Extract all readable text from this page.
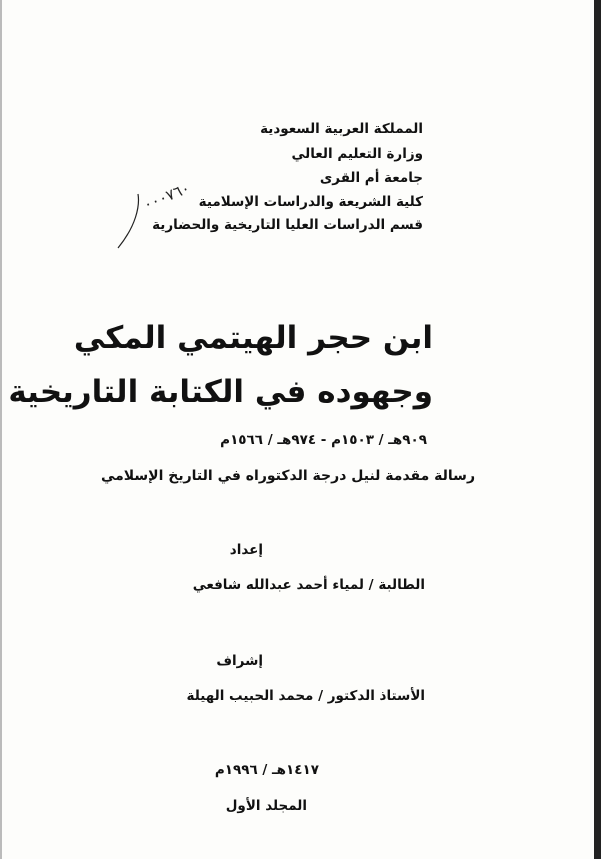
المملكة العربية السعودية
وزارة التعليم العالي
جامعة أم القرى
كلية الشريعة والدراسات الإسلامية
قسم الدراسات العليا التاريخية والحضارية
٠٠٠٧٦٠
ابن حجر الهيتمي المكي
وجهوده في الكتابة التاريخية
٩٠٩هـ / ١٥٠٣م - ٩٧٤هـ / ١٥٦٦م
رسالة مقدمة لنيل درجة الدكتوراه في التاريخ الإسلامي
إعداد
الطالبة / لمياء أحمد عبدالله شافعي
إشراف
الأستاذ الدكتور / محمد الحبيب الهيلة
١٤١٧هـ / ١٩٩٦م
المجلد الأول
